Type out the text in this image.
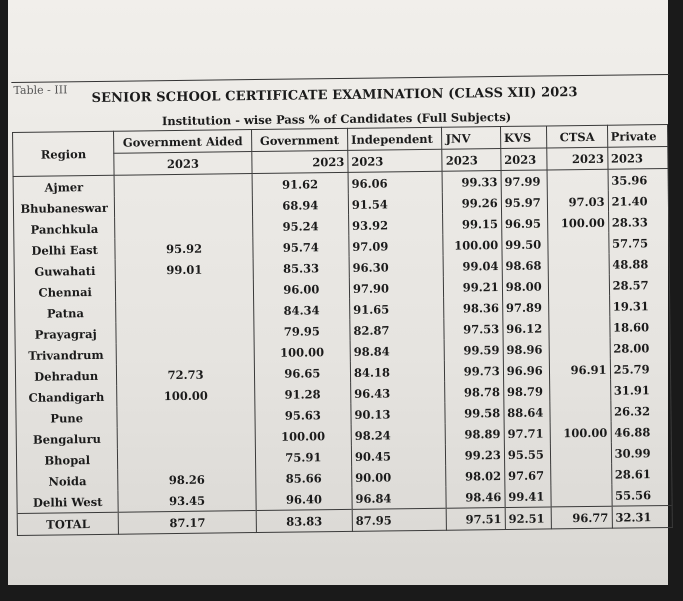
Table - III SENIOR SCHOOL CERTIFICATE EXAMINATION (CLASS XII) 2023
Institution - wise Pass % of Candidates (Full Subjects)
Region	Government Aided	Government	Independent	JNV	KVS	CTSA	Private
	2023	2023	2023	2023	2023	2023	2023
Ajmer		91.62	96.06	99.33	97.99		35.96
Bhubaneswar		68.94	91.54	99.26	95.97	97.03	21.40
Panchkula		95.24	93.92	99.15	96.95	100.00	28.33
Delhi East	95.92	95.74	97.09	100.00	99.50		57.75
Guwahati	99.01	85.33	96.30	99.04	98.68		48.88
Chennai		96.00	97.90	99.21	98.00		28.57
Patna		84.34	91.65	98.36	97.89		19.31
Prayagraj		79.95	82.87	97.53	96.12		18.60
Trivandrum		100.00	98.84	99.59	98.96		28.00
Dehradun	72.73	96.65	84.18	99.73	96.96	96.91	25.79
Chandigarh	100.00	91.28	96.43	98.78	98.79		31.91
Pune		95.63	90.13	99.58	88.64		26.32
Bengaluru		100.00	98.24	98.89	97.71	100.00	46.88
Bhopal		75.91	90.45	99.23	95.55		30.99
Noida	98.26	85.66	90.00	98.02	97.67		28.61
Delhi West	93.45	96.40	96.84	98.46	99.41		55.56
TOTAL	87.17	83.83	87.95	97.51	92.51	96.77	32.31
